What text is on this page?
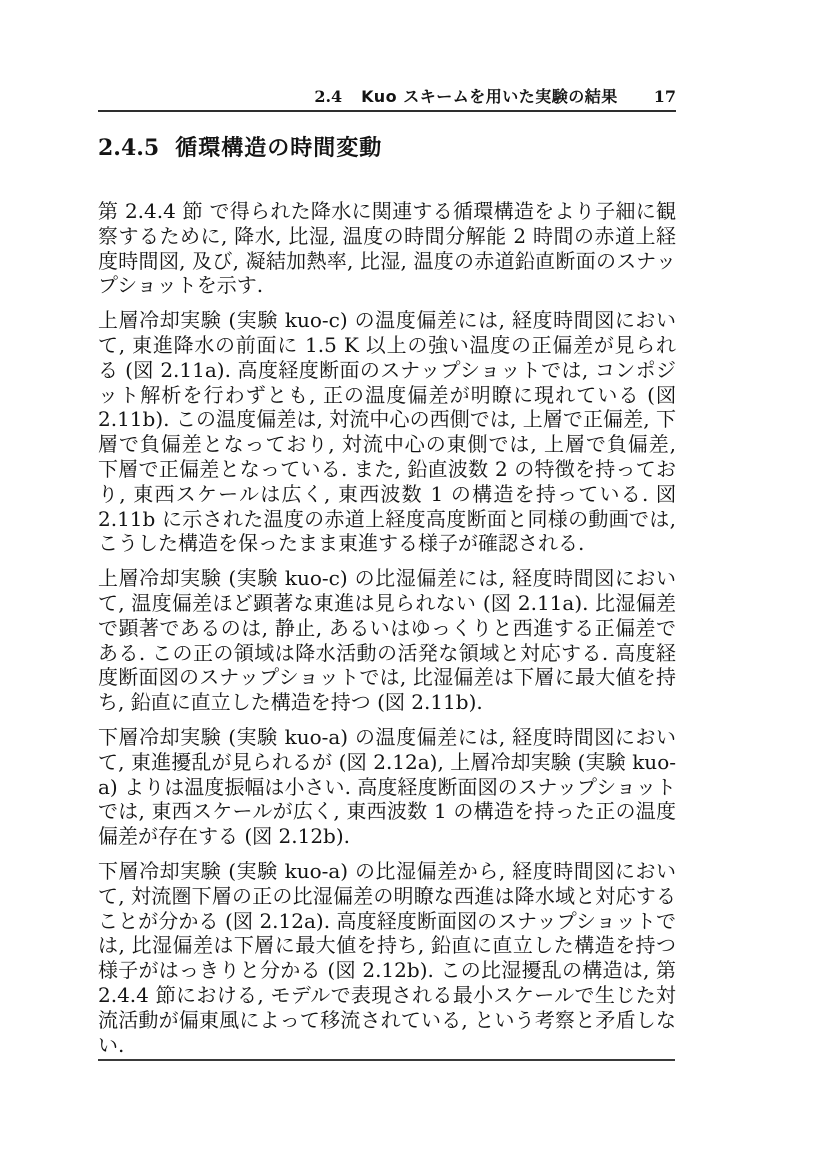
2.4 Kuo スキームを用いた実験の結果 17
2.4.5 循環構造の時間変動

第 2.4.4 節 で得られた降水に関連する循環構造をより子細に観察するために, 降水, 比湿, 温度の時間分解能 2 時間の赤道上経度時間図, 及び, 凝結加熱率, 比湿, 温度の赤道鉛直断面のスナップショットを示す.

上層冷却実験 (実験 kuo-c) の温度偏差には, 経度時間図において, 東進降水の前面に 1.5 K 以上の強い温度の正偏差が見られる (図 2.11a). 高度経度断面のスナップショットでは, コンポジット解析を行わずとも, 正の温度偏差が明瞭に現れている (図 2.11b). この温度偏差は, 対流中心の西側では, 上層で正偏差, 下層で負偏差となっており, 対流中心の東側では, 上層で負偏差, 下層で正偏差となっている. また, 鉛直波数 2 の特徴を持っており, 東西スケールは広く, 東西波数 1 の構造を持っている. 図 2.11b に示された温度の赤道上経度高度断面と同様の動画では, こうした構造を保ったまま東進する様子が確認される.

上層冷却実験 (実験 kuo-c) の比湿偏差には, 経度時間図において, 温度偏差ほど顕著な東進は見られない (図 2.11a). 比湿偏差で顕著であるのは, 静止, あるいはゆっくりと西進する正偏差である. この正の領域は降水活動の活発な領域と対応する. 高度経度断面図のスナップショットでは, 比湿偏差は下層に最大値を持ち, 鉛直に直立した構造を持つ (図 2.11b).

下層冷却実験 (実験 kuo-a) の温度偏差には, 経度時間図において, 東進擾乱が見られるが (図 2.12a), 上層冷却実験 (実験 kuo-a) よりは温度振幅は小さい. 高度経度断面図のスナップショットでは, 東西スケールが広く, 東西波数 1 の構造を持った正の温度偏差が存在する (図 2.12b).

下層冷却実験 (実験 kuo-a) の比湿偏差から, 経度時間図において, 対流圏下層の正の比湿偏差の明瞭な西進は降水域と対応することが分かる (図 2.12a). 高度経度断面図のスナップショットでは, 比湿偏差は下層に最大値を持ち, 鉛直に直立した構造を持つ様子がはっきりと分かる (図 2.12b). この比湿擾乱の構造は, 第 2.4.4 節における, モデルで表現される最小スケールで生じた対流活動が偏東風によって移流されている, という考察と矛盾しない.
